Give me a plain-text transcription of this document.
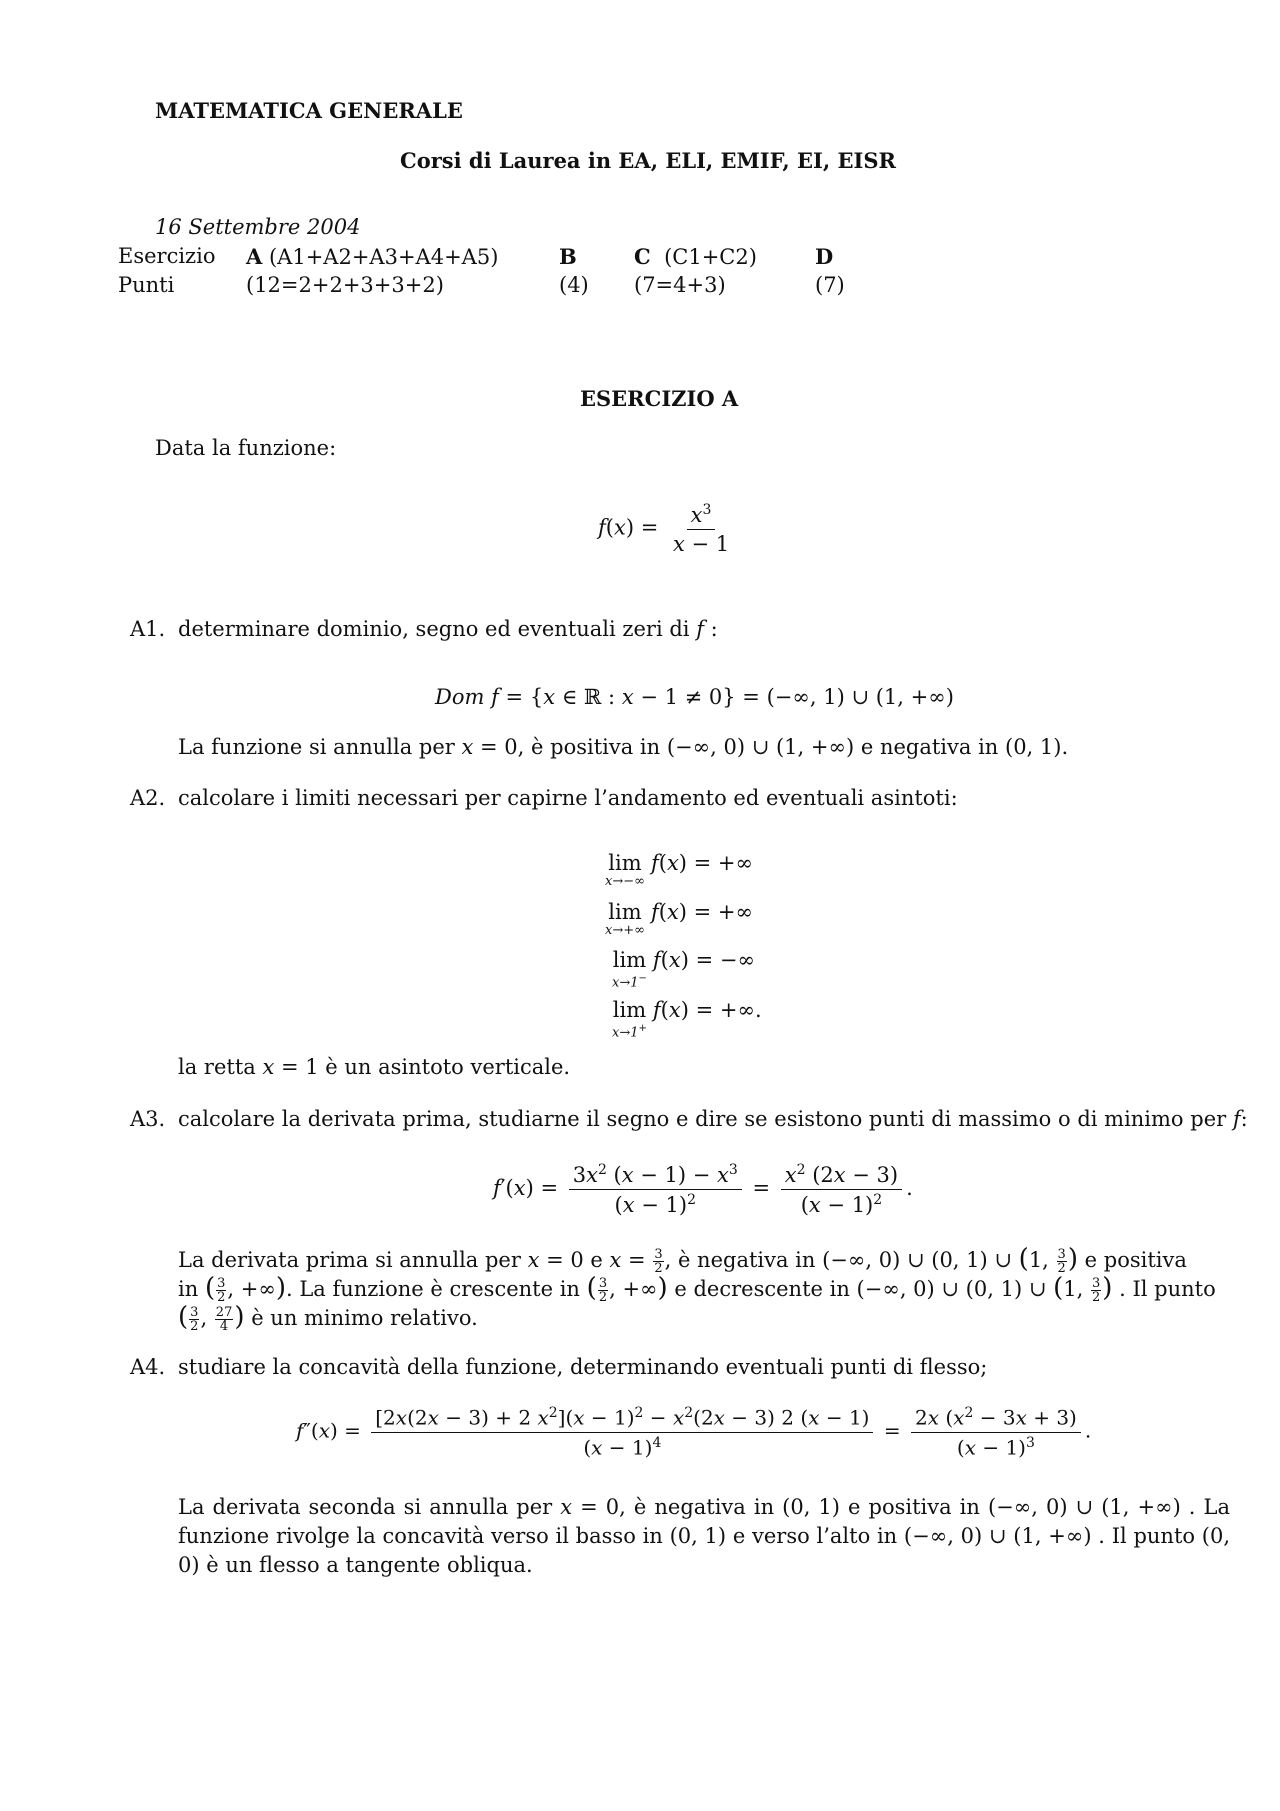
MATEMATICA GENERALE
Corsi di Laurea in EA, ELI, EMIF, EI, EISR
16 Settembre 2004
Esercizio	A (A1+A2+A3+A4+A5)	B	C (C1+C2)	D
Punti	(12=2+2+3+3+2)	(4)	(7=4+3)	(7)
ESERCIZIO A
Data la funzione:
$f(x) = \frac{x^3}{x - 1}$
A1. determinare dominio, segno ed eventuali zeri di f :
Dom f = {x ∈ ℝ : x − 1 ≠ 0} = (−∞, 1) ∪ (1, +∞)
La funzione si annulla per x = 0, è positiva in (−∞, 0) ∪ (1, +∞) e negativa in (0, 1).
A2. calcolare i limiti necessari per capirne l’andamento ed eventuali asintoti:
lim
x→−∞
f(x) = +∞
lim
x→+∞
f(x) = +∞
lim
x→1−
f(x) = −∞
lim
x→1+
f(x) = +∞.
la retta x = 1 è un asintoto verticale.
A3. calcolare la derivata prima, studiarne il segno e dire se esistono punti di massimo o di minimo per f:
$f'(x) = \frac{3x^2 (x - 1) - x^3}{(x - 1)^2} = \frac{x^2 (2x - 3)}{(x - 1)^2}$ .
La derivata prima si annulla per x = 0 e $x = \frac{3}{2}$ , è negativa in (−∞, 0) ∪ (0, 1) ∪ (1, $\frac{3}{2}$ ) e positiva
in ( $\frac{3}{2}$ , +∞). La funzione è crescente in ( $\frac{3}{2}$ , +∞) e decrescente in (−∞, 0) ∪ (0, 1) ∪ (1, $\frac{3}{2}$ ) . Il punto
( $\frac{3}{2}$ , $\frac{27}{4}$ ) è un minimo relativo.
A4. studiare la concavità della funzione, determinando eventuali punti di flesso;
$f''(x) = \frac{[2x(2x - 3) + 2 x^2](x - 1)^2 - x^2(2x - 3) 2 (x - 1)}{(x - 1)^4} = \frac{2x (x^2 - 3x + 3)}{(x - 1)^3}$ .
La derivata seconda si annulla per x = 0, è negativa in (0, 1) e positiva in (−∞, 0) ∪ (1, +∞) . La funzione rivolge la concavità verso il basso in (0, 1) e verso l’alto in (−∞, 0) ∪ (1, +∞) . Il punto (0, 0) è un flesso a tangente obliqua.
